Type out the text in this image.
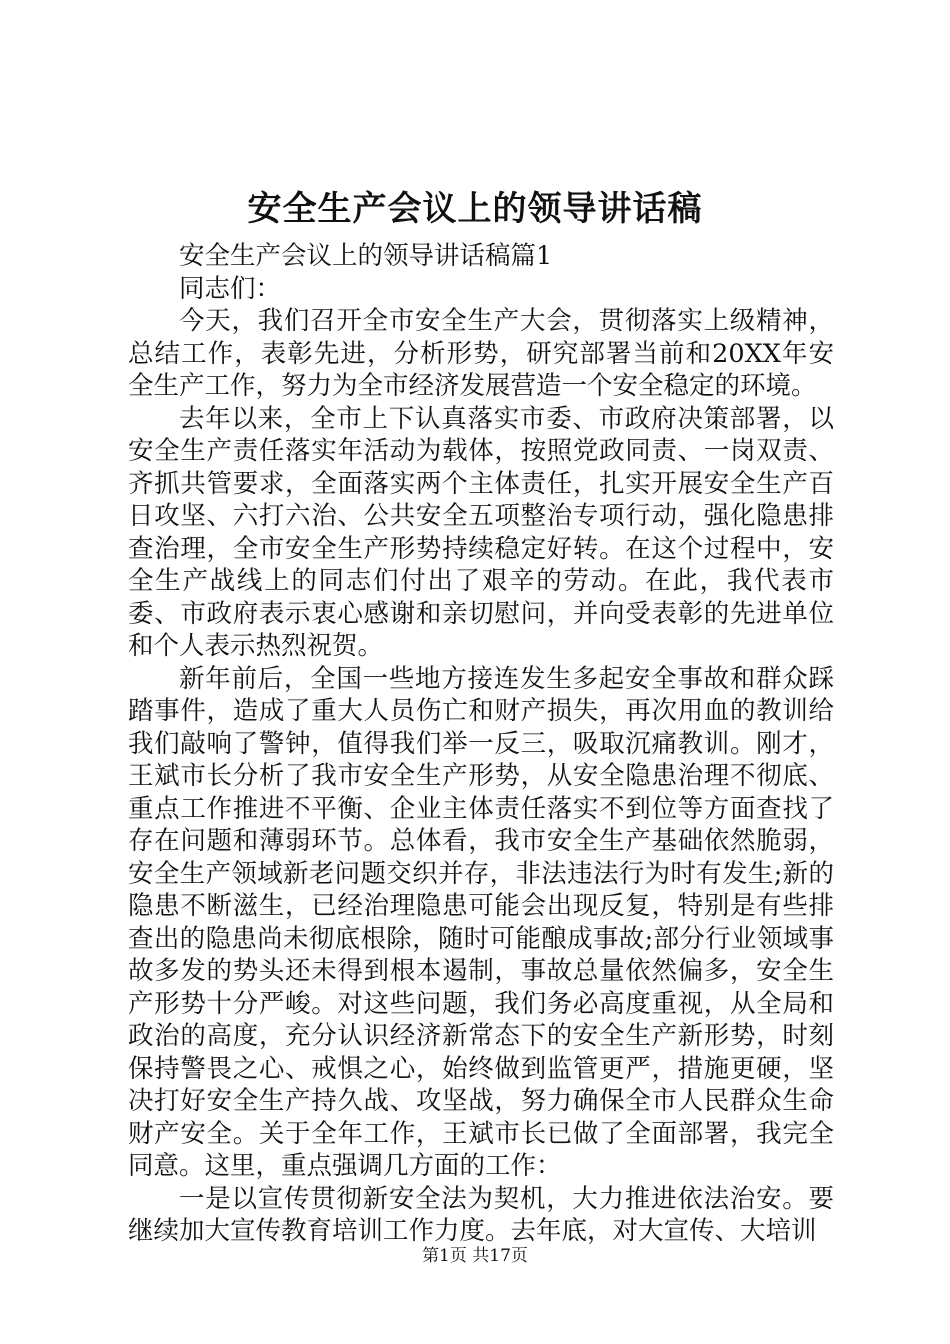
安全生产会议上的领导讲话稿

安全生产会议上的领导讲话稿篇1

同志们：

今天，我们召开全市安全生产大会，贯彻落实上级精神，总结工作，表彰先进，分析形势，研究部署当前和20XX年安全生产工作，努力为全市经济发展营造一个安全稳定的环境。

去年以来，全市上下认真落实市委、市政府决策部署，以安全生产责任落实年活动为载体，按照党政同责、一岗双责、齐抓共管要求，全面落实两个主体责任，扎实开展安全生产百日攻坚、六打六治、公共安全五项整治专项行动，强化隐患排查治理，全市安全生产形势持续稳定好转。在这个过程中，安全生产战线上的同志们付出了艰辛的劳动。在此，我代表市委、市政府表示衷心感谢和亲切慰问，并向受表彰的先进单位和个人表示热烈祝贺。

新年前后，全国一些地方接连发生多起安全事故和群众踩踏事件，造成了重大人员伤亡和财产损失，再次用血的教训给我们敲响了警钟，值得我们举一反三，吸取沉痛教训。刚才，王斌市长分析了我市安全生产形势，从安全隐患治理不彻底、重点工作推进不平衡、企业主体责任落实不到位等方面查找了存在问题和薄弱环节。总体看，我市安全生产基础依然脆弱，安全生产领域新老问题交织并存，非法违法行为时有发生;新的隐患不断滋生，已经治理隐患可能会出现反复，特别是有些排查出的隐患尚未彻底根除，随时可能酿成事故;部分行业领域事故多发的势头还未得到根本遏制，事故总量依然偏多，安全生产形势十分严峻。对这些问题，我们务必高度重视，从全局和政治的高度，充分认识经济新常态下的安全生产新形势，时刻保持警畏之心、戒惧之心，始终做到监管更严，措施更硬，坚决打好安全生产持久战、攻坚战，努力确保全市人民群众生命财产安全。关于全年工作，王斌市长已做了全面部署，我完全同意。这里，重点强调几方面的工作：

一是以宣传贯彻新安全法为契机，大力推进依法治安。要继续加大宣传教育培训工作力度。去年底，对大宣传、大培训

第1页 共17页
